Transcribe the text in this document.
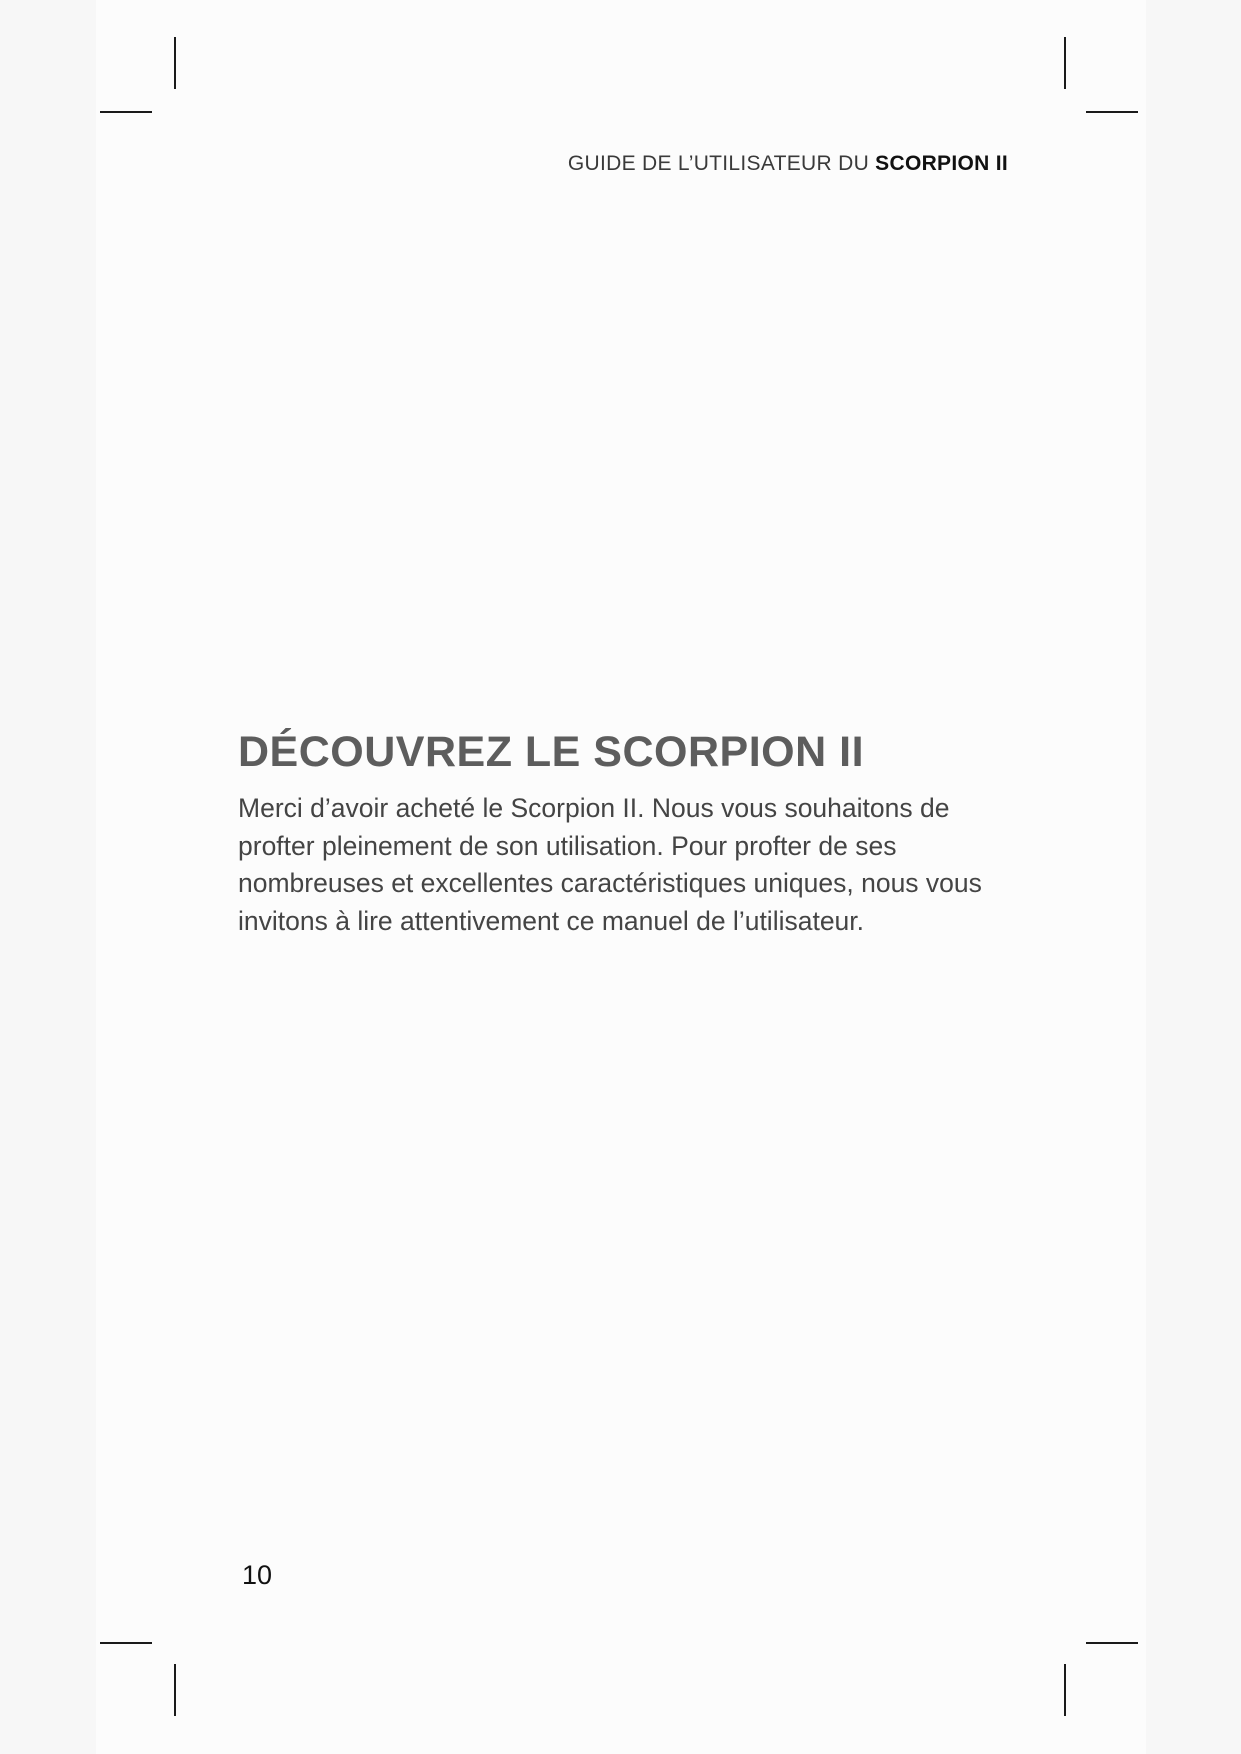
GUIDE DE L’UTILISATEUR DU SCORPION II
DÉCOUVREZ LE SCORPION II

Merci d’avoir acheté le Scorpion II. Nous vous souhaitons de
profter pleinement de son utilisation. Pour profter de ses
nombreuses et excellentes caractéristiques uniques, nous vous
invitons à lire attentivement ce manuel de l’utilisateur.

10
